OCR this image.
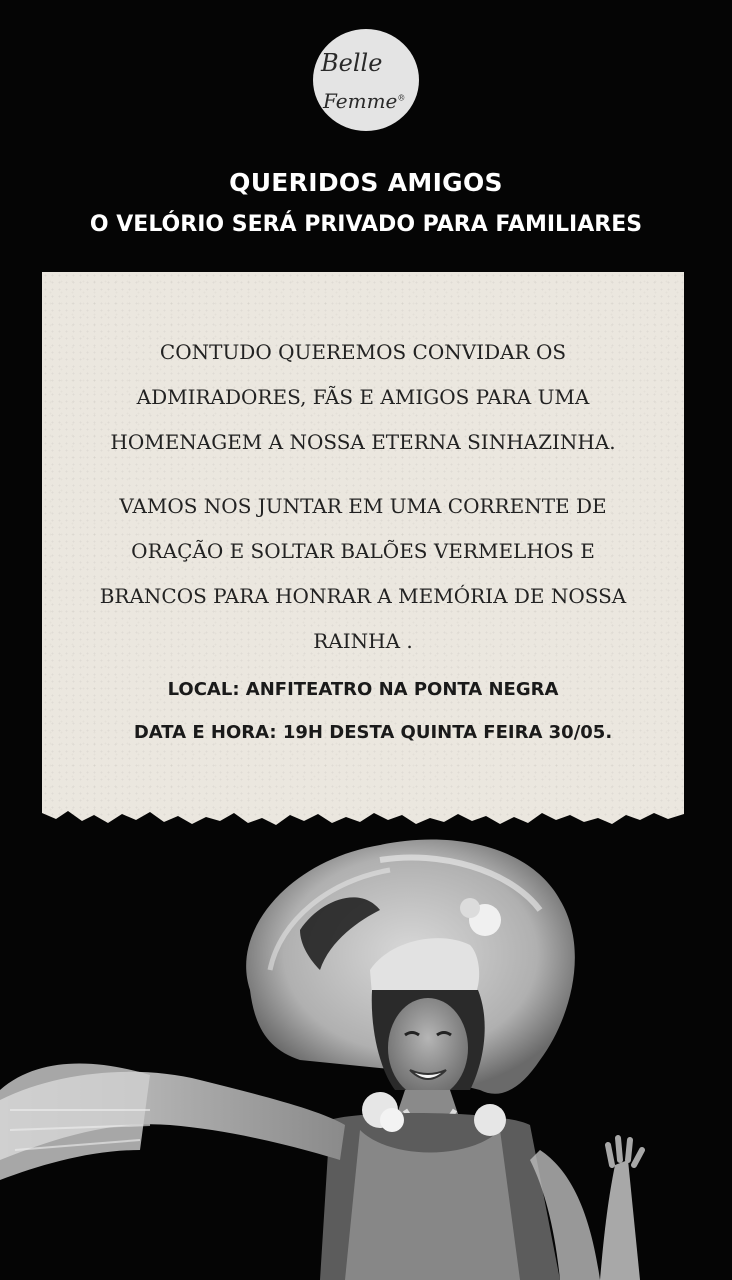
Belle
Femme®
QUERIDOS AMIGOS
O VELÓRIO SERÁ PRIVADO PARA FAMILIARES
CONTUDO QUEREMOS CONVIDAR OS
ADMIRADORES, FÃS E AMIGOS PARA UMA
HOMENAGEM A NOSSA ETERNA SINHAZINHA.
VAMOS NOS JUNTAR EM UMA CORRENTE DE
ORAÇÃO E SOLTAR BALÕES VERMELHOS E
BRANCOS PARA HONRAR A MEMÓRIA DE NOSSA
RAINHA .
LOCAL: ANFITEATRO NA PONTA NEGRA
DATA E HORA: 19H DESTA QUINTA FEIRA 30/05.
